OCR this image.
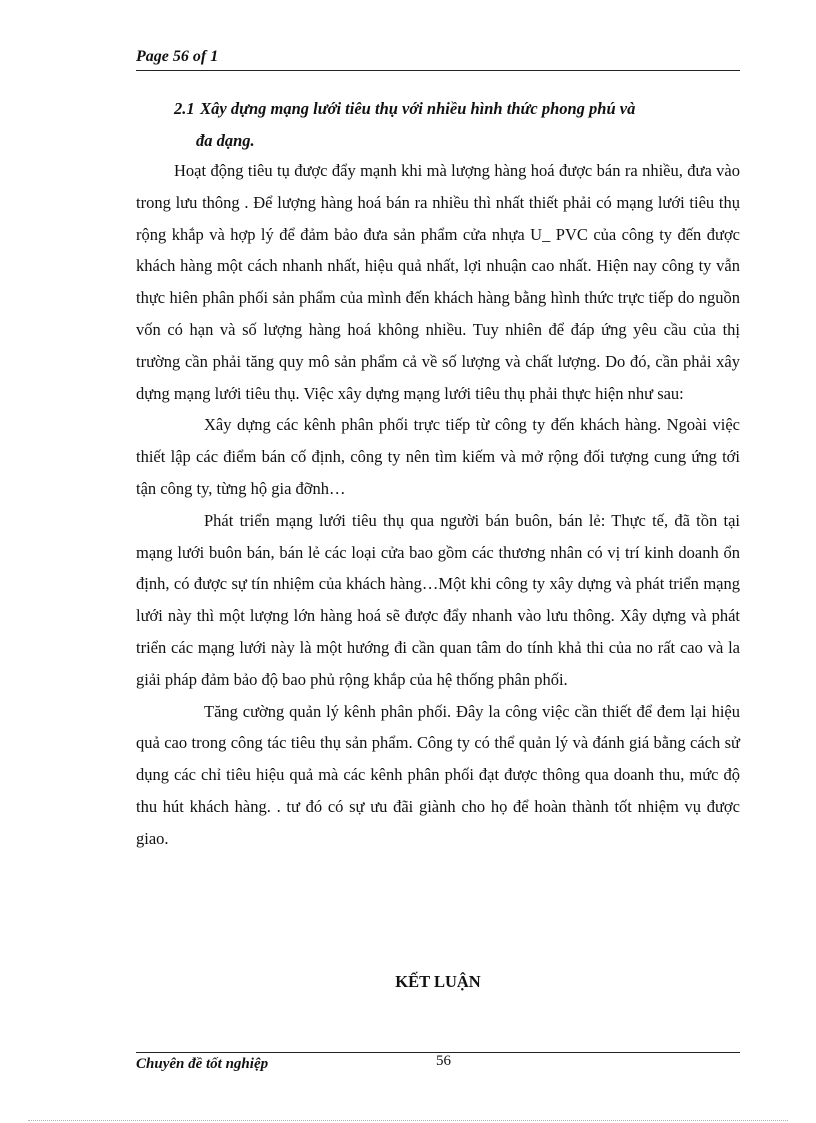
Page 56 of 1
2.1 Xây dựng mạng lưới tiêu thụ với nhiều hình thức phong phú và
đa dạng.

Hoạt động tiêu tụ được đẩy mạnh khi mà lượng hàng hoá được bán ra nhiều, đưa vào trong lưu thông . Để lượng hàng hoá bán ra nhiều thì nhất thiết phải có mạng lưới tiêu thụ rộng khắp và hợp lý để đảm bảo đưa sản phẩm cửa nhựa U_ PVC của công ty đến được khách hàng một cách nhanh nhất, hiệu quả nhất, lợi nhuận cao nhất. Hiện nay công ty vẫn thực hiên phân phối sản phẩm của mình đến khách hàng bằng hình thức trực tiếp do nguồn vốn có hạn và số lượng hàng hoá không nhiều. Tuy nhiên để đáp ứng yêu cầu của thị trường cần phải tăng quy mô sản phẩm cả về số lượng và chất lượng. Do đó, cần phải xây dựng mạng lưới tiêu thụ. Việc xây dựng mạng lưới tiêu thụ phải thực hiện như sau:

Xây dựng các kênh phân phối trực tiếp từ công ty đến khách hàng. Ngoài việc thiết lập các điểm bán cố định, công ty nên tìm kiếm và mở rộng đối tượng cung ứng tới tận công ty, từng hộ gia đỡnh…

Phát triển mạng lưới tiêu thụ qua người bán buôn, bán lẻ: Thực tế, đã tồn tại mạng lưới buôn bán, bán lẻ các loại cửa bao gồm các thương nhân có vị trí kinh doanh ổn định, có được sự tín nhiệm của khách hàng…Một khi công ty xây dựng và phát triển mạng lưới này thì một lượng lớn hàng hoá sẽ được đẩy nhanh vào lưu thông. Xây dựng và phát triển các mạng lưới này là một hướng đi cần quan tâm do tính khả thi của no rất cao và la giải pháp đảm bảo độ bao phủ rộng khắp của hệ thống phân phối.

Tăng cường quản lý kênh phân phối. Đây la công việc cần thiết để đem lại hiệu quả cao trong công tác tiêu thụ sản phẩm. Công ty có thể quản lý và đánh giá bằng cách sử dụng các chỉ tiêu hiệu quả mà các kênh phân phối đạt được thông qua doanh thu, mức độ thu hút khách hàng. . tư đó có sự ưu đãi giành cho họ để hoàn thành tốt nhiệm vụ được giao.

KẾT LUẬN
Chuyên đề tốt nghiệp	56
